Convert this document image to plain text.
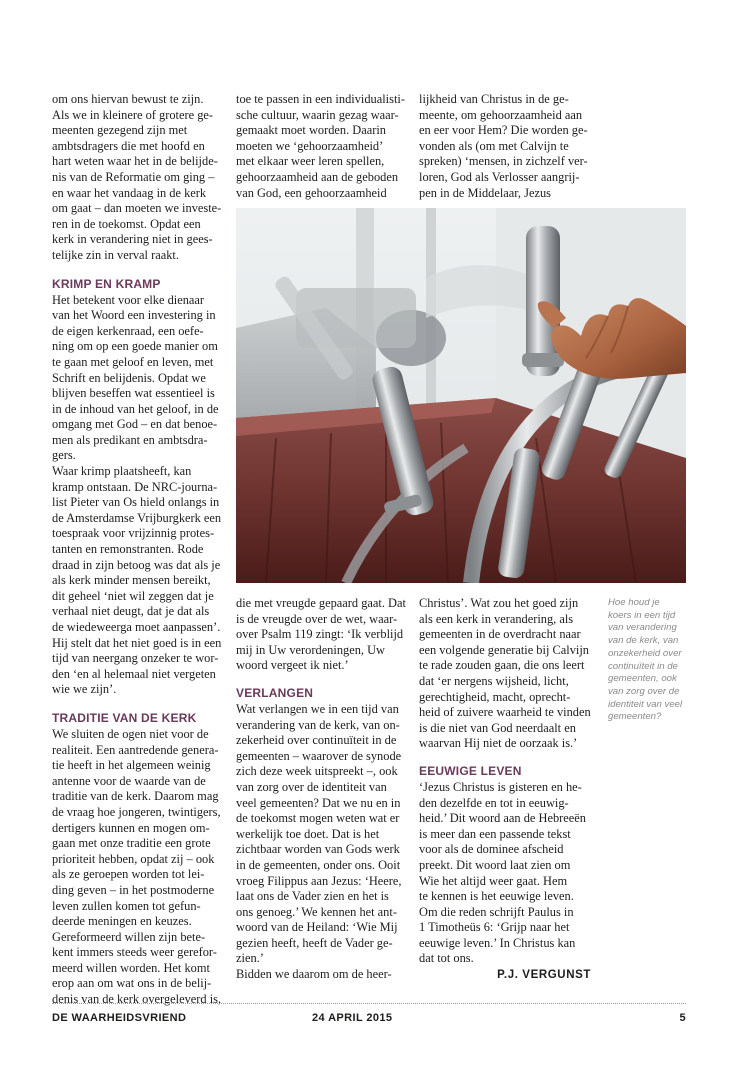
om ons hiervan bewust te zijn.
Als we in kleinere of grotere ge-
meenten gezegend zijn met
ambtsdragers die met hoofd en
hart weten waar het in de belijde-
nis van de Reformatie om ging –
en waar het vandaag in de kerk
om gaat – dan moeten we investe-
ren in de toekomst. Opdat een
kerk in verandering niet in gees-
telijke zin in verval raakt.

KRIMP EN KRAMP

Het betekent voor elke dienaar
van het Woord een investering in
de eigen kerkenraad, een oefe-
ning om op een goede manier om
te gaan met geloof en leven, met
Schrift en belijdenis. Opdat we
blijven beseffen wat essentieel is
in de inhoud van het geloof, in de
omgang met God – en dat benoe-
men als predikant en ambtsdra-
gers.
Waar krimp plaatsheeft, kan
kramp ontstaan. De NRC-journa-
list Pieter van Os hield onlangs in
de Amsterdamse Vrijburgkerk een
toespraak voor vrijzinnig protes-
tanten en remonstranten. Rode
draad in zijn betoog was dat als je
als kerk minder mensen bereikt,
dit geheel ‘niet wil zeggen dat je
verhaal niet deugt, dat je dat als
de wiedeweerga moet aanpassen’.
Hij stelt dat het niet goed is in een
tijd van neergang onzeker te wor-
den ‘en al helemaal niet vergeten
wie we zijn’.

TRADITIE VAN DE KERK

We sluiten de ogen niet voor de
realiteit. Een aantredende genera-
tie heeft in het algemeen weinig
antenne voor de waarde van de
traditie van de kerk. Daarom mag
de vraag hoe jongeren, twintigers,
dertigers kunnen en mogen om-
gaan met onze traditie een grote
prioriteit hebben, opdat zij – ook
als ze geroepen worden tot lei-
ding geven – in het postmoderne
leven zullen komen tot gefun-
deerde meningen en keuzes.
Gereformeerd willen zijn bete-
kent immers steeds weer gerefor-
meerd willen worden. Het komt
erop aan om wat ons in de belij-
denis van de kerk overgeleverd is,

toe te passen in een individualisti-
sche cultuur, waarin gezag waar-
gemaakt moet worden. Daarin
moeten we ‘gehoorzaamheid’
met elkaar weer leren spellen,
gehoorzaamheid aan de geboden
van God, een gehoorzaamheid

lijkheid van Christus in de ge-
meente, om gehoorzaamheid aan
en eer voor Hem? Die worden ge-
vonden als (om met Calvijn te
spreken) ‘mensen, in zichzelf ver-
loren, God als Verlosser aangrij-
pen in de Middelaar, Jezus

die met vreugde gepaard gaat. Dat
is de vreugde over de wet, waar-
over Psalm 119 zingt: ‘Ik verblijd
mij in Uw verordeningen, Uw
woord vergeet ik niet.’

VERLANGEN

Wat verlangen we in een tijd van
verandering van de kerk, van on-
zekerheid over continuïteit in de
gemeenten – waarover de synode
zich deze week uitspreekt –, ook
van zorg over de identiteit van
veel gemeenten? Dat we nu en in
de toekomst mogen weten wat er
werkelijk toe doet. Dat is het
zichtbaar worden van Gods werk
in de gemeenten, onder ons. Ooit
vroeg Filippus aan Jezus: ‘Heere,
laat ons de Vader zien en het is
ons genoeg.’ We kennen het ant-
woord van de Heiland: ‘Wie Mij
gezien heeft, heeft de Vader ge-
zien.’
Bidden we daarom om de heer-

Christus’. Wat zou het goed zijn
als een kerk in verandering, als
gemeenten in de overdracht naar
een volgende generatie bij Calvijn
te rade zouden gaan, die ons leert
dat ‘er nergens wijsheid, licht,
gerechtigheid, macht, oprecht-
heid of zuivere waarheid te vinden
is die niet van God neerdaalt en
waarvan Hij niet de oorzaak is.’

EEUWIGE LEVEN

‘Jezus Christus is gisteren en he-
den dezelfde en tot in eeuwig-
heid.’ Dit woord aan de Hebreeën
is meer dan een passende tekst
voor als de dominee afscheid
preekt. Dit woord laat zien om
Wie het altijd weer gaat. Hem
te kennen is het eeuwige leven.
Om die reden schrijft Paulus in
1 Timotheüs 6: ‘Grijp naar het
eeuwige leven.’ In Christus kan
dat tot ons.

P.J. VERGUNST
Hoe houd je
koers in een tijd
van verandering
van de kerk, van
onzekerheid over
continuïteit in de
gemeenten, ook
van zorg over de
identiteit van veel
gemeenten?
DE WAARHEIDSVRIEND	24 APRIL 2015	5
